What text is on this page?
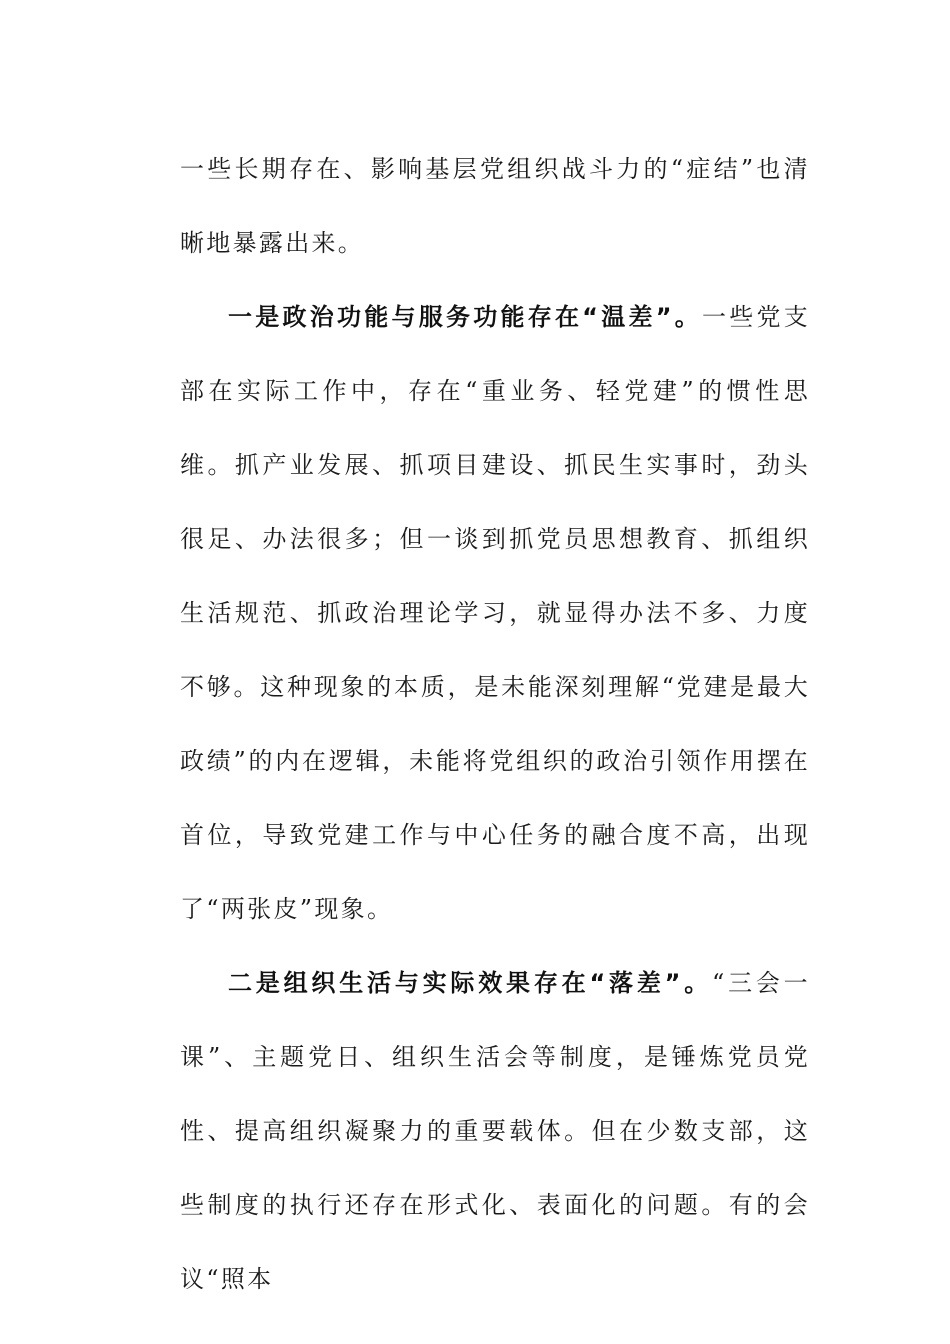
一些长期存在、影响基层党组织战斗力的“症结”也清晰地暴露出来。

一是政治功能与服务功能存在“温差”。一些党支部在实际工作中，存在“重业务、轻党建”的惯性思维。抓产业发展、抓项目建设、抓民生实事时，劲头很足、办法很多；但一谈到抓党员思想教育、抓组织生活规范、抓政治理论学习，就显得办法不多、力度不够。这种现象的本质，是未能深刻理解“党建是最大政绩”的内在逻辑，未能将党组织的政治引领作用摆在首位，导致党建工作与中心任务的融合度不高，出现了“两张皮”现象。

二是组织生活与实际效果存在“落差”。“三会一课”、主题党日、组织生活会等制度，是锤炼党员党性、提高组织凝聚力的重要载体。但在少数支部，这些制度的执行还存在形式化、表面化的问题。有的会议“照本
